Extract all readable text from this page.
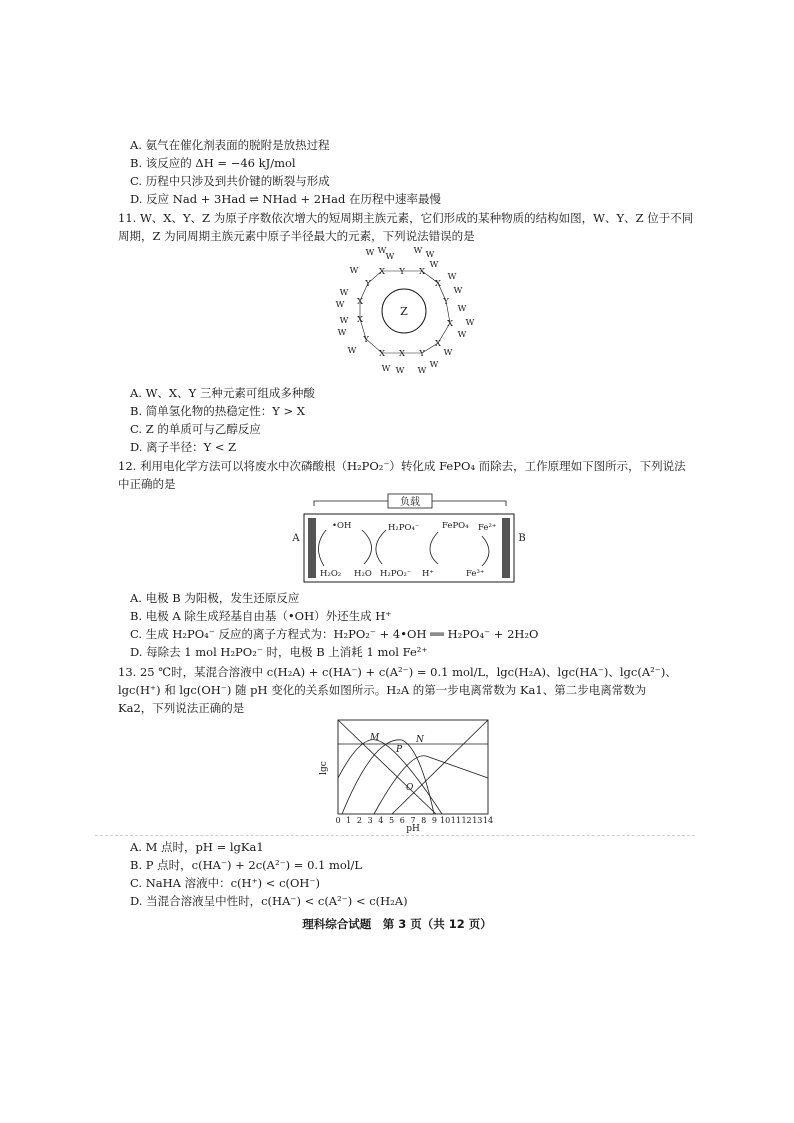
A. 氨气在催化剂表面的脱附是放热过程
B. 该反应的 ΔH = −46 kJ/mol
C. 历程中只涉及到共价键的断裂与形成
D. 反应 Nad + 3Had ⇌ NHad + 2Had 在历程中速率最慢
11. W、X、Y、Z 为原子序数依次增大的短周期主族元素，它们形成的某种物质的结构如图，W、Y、Z 位于不同
周期，Z 为同周期主族元素中原子半径最大的元素，下列说法错误的是
Z
X Y X
X
Y
X
X
Y
X
X
Y
X
X
Y
W W
W
W W
W
W
W
W
W
W
W
W
W
W
W
W
W
W
W
W
W
A. W、X、Y 三种元素可组成多种酸
B. 简单氢化物的热稳定性：Y > X
C. Z 的单质可与乙醇反应
D. 离子半径：Y < Z
12. 利用电化学方法可以将废水中次磷酸根（H₂PO₂⁻）转化成 FePO₄ 而除去，工作原理如下图所示，下列说法
中正确的是
负载
A	B
•OH	H₂PO₄⁻	FePO₄ Fe²⁺
H₂O₂ H₂O H₂PO₂⁻ H⁺	Fe³⁺
A. 电极 B 为阳极，发生还原反应
B. 电极 A 除生成羟基自由基（•OH）外还生成 H⁺
C. 生成 H₂PO₄⁻ 反应的离子方程式为：H₂PO₂⁻ + 4•OH ══ H₂PO₄⁻ + 2H₂O
D. 每除去 1 mol H₂PO₂⁻ 时，电极 B 上消耗 1 mol Fe²⁺
13. 25 ℃时，某混合溶液中 c(H₂A) + c(HA⁻) + c(A²⁻) = 0.1 mol/L，lgc(H₂A)、lgc(HA⁻)、lgc(A²⁻)、
lgc(H⁺) 和 lgc(OH⁻) 随 pH 变化的关系如图所示。H₂A 的第一步电离常数为 Ka1、第二步电离常数为
Ka2，下列说法正确的是
lgc
pH
M
P
N
O
0 1 2 3 4 5 6 7 8 9 10 11 12 13 14
A. M 点时，pH = lgKa1
B. P 点时，c(HA⁻) + 2c(A²⁻) = 0.1 mol/L
C. NaHA 溶液中：c(H⁺) < c(OH⁻)
D. 当混合溶液呈中性时，c(HA⁻) < c(A²⁻) < c(H₂A)
理科综合试题　第 3 页（共 12 页）
